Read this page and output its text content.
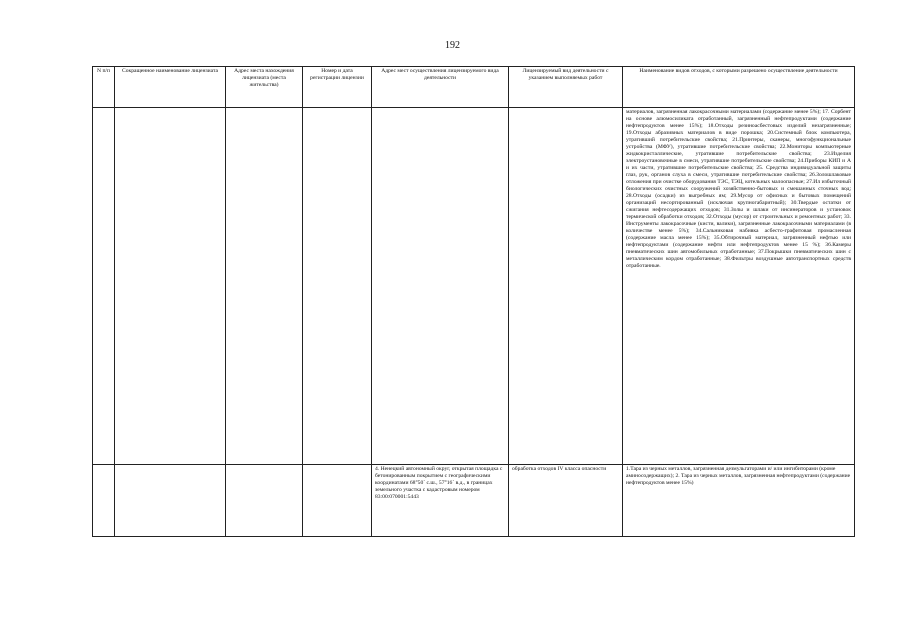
192
N п/п	Сокращенное наименование лицензиата	Адрес места нахождения лицензиата (места жительства)	Номер и дата регистрации лицензии	Адрес мест осуществления лицензируемого вида деятельности	Лицензируемый вид деятельности с указанием выполняемых работ	Наименование видов отходов, с которыми разрешено осуществление деятельности
						материалов, загрязненная лакокрасочными материалами (содержание менее 5%); 17. Сорбент на основе алюмосиликата отработанный, загрязненный нефтепродуктами (содержание нефтепродуктов менее 15%); 18.Отходы резиноасбестовых изделий незагрязненные; 19.Отходы абразивных материалов в виде порошка; 20.Системный блок компьютера, утративший потребительские свойства; 21.Принтеры, сканеры, многофункциональные устройства (МФУ), утратившие потребительские свойства; 22.Мониторы компьютерные жидкокристаллические, утратившие потребительские свойства; 23.Изделия электроустановочные в смеси, утратившие потребительские свойства; 24.Приборы КИП и А и их части, утратившие потребительские свойства; 25. Средства индивидуальной защиты глаз, рук, органов слуха в смеси, утратившие потребительские свойства; 26.Золошлаковые отложения при очистке оборудования ТЭС, ТЭЦ, котельных малоопасные; 27.Ил избыточный биологических очистных сооружений хозяйственно-бытовых и смешанных сточных вод; 28.Отходы (осадки) из выгребных ям; 29.Мусор от офисных и бытовых помещений организаций несортированный (исключая крупногабаритный); 30.Твердые остатки от сжигания нефтесодержащих отходов; 31.Золы и шлаки от инсинераторов и установок термической обработки отходов; 32.Отходы (мусор) от строительных и ремонтных работ; 33. Инструменты лакокрасочные (кисти, валики), загрязненные лакокрасочными материалами (в количестве менее 5%); 34.Сальниковая набивка асбесто-графитовая промасленная (содержание масла менее 15%); 35.Обтирочный материал, загрязненный нефтью или нефтепродуктами (содержание нефти или нефтепродуктов менее 15 %); 36.Камеры пневматических шин автомобильных отработанные; 37.Покрышки пневматических шин с металлическим кордом отработанные; 38.Фильтры воздушные автотранспортных средств отработанные.
				4. Ненецкий автономный округ, открытая площадка с бетонированным покрытием с географическими координатами 68°50´ с.ш., 57°16´ в.д., в границах земельного участка с кадастровым номером 83:00:070001:5443	обработка отходов IV класса опасности	1.Тара из черных металлов, загрязненная дезмульгаторами и/ или ингибиторами (кроме аминосодержащих); 2. Тара из черных металлов, загрязненная нефтепродуктами (содержание нефтепродуктов менее 15%)
